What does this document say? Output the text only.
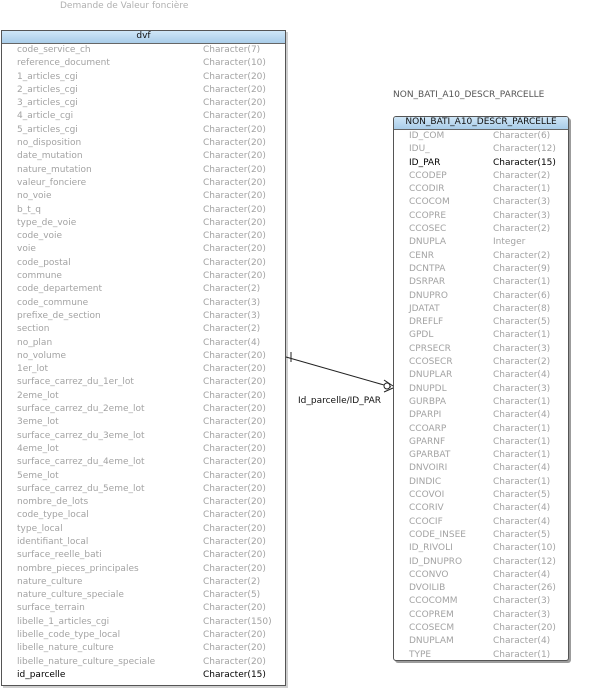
Demande de Valeur foncière
NON_BATI_A10_DESCR_PARCELLE
dvf
code_service_ch	Character(7)
reference_document	Character(10)
1_articles_cgi	Character(20)
2_articles_cgi	Character(20)
3_articles_cgi	Character(20)
4_article_cgi	Character(20)
5_articles_cgi	Character(20)
no_disposition	Character(20)
date_mutation	Character(20)
nature_mutation	Character(20)
valeur_fonciere	Character(20)
no_voie	Character(20)
b_t_q	Character(20)
type_de_voie	Character(20)
code_voie	Character(20)
voie	Character(20)
code_postal	Character(20)
commune	Character(20)
code_departement	Character(2)
code_commune	Character(3)
prefixe_de_section	Character(3)
section	Character(2)
no_plan	Character(4)
no_volume	Character(20)
1er_lot	Character(20)
surface_carrez_du_1er_lot	Character(20)
2eme_lot	Character(20)
surface_carrez_du_2eme_lot	Character(20)
3eme_lot	Character(20)
surface_carrez_du_3eme_lot	Character(20)
4eme_lot	Character(20)
surface_carrez_du_4eme_lot	Character(20)
5eme_lot	Character(20)
surface_carrez_du_5eme_lot	Character(20)
nombre_de_lots	Character(20)
code_type_local	Character(20)
type_local	Character(20)
identifiant_local	Character(20)
surface_reelle_bati	Character(20)
nombre_pieces_principales	Character(20)
nature_culture	Character(2)
nature_culture_speciale	Character(5)
surface_terrain	Character(20)
libelle_1_articles_cgi	Character(150)
libelle_code_type_local	Character(20)
libelle_nature_culture	Character(20)
libelle_nature_culture_speciale	Character(20)
id_parcelle	Character(15)
NON_BATI_A10_DESCR_PARCELLE
ID_COM	Character(6)
IDU_	Character(12)
ID_PAR	Character(15)
CCODEP	Character(2)
CCODIR	Character(1)
CCOCOM	Character(3)
CCOPRE	Character(3)
CCOSEC	Character(2)
DNUPLA	Integer
CENR	Character(2)
DCNTPA	Character(9)
DSRPAR	Character(1)
DNUPRO	Character(6)
JDATAT	Character(8)
DREFLF	Character(5)
GPDL	Character(1)
CPRSECR	Character(3)
CCOSECR	Character(2)
DNUPLAR	Character(4)
DNUPDL	Character(3)
GURBPA	Character(1)
DPARPI	Character(4)
CCOARP	Character(1)
GPARNF	Character(1)
GPARBAT	Character(1)
DNVOIRI	Character(4)
DINDIC	Character(1)
CCOVOI	Character(5)
CCORIV	Character(4)
CCOCIF	Character(4)
CODE_INSEE	Character(5)
ID_RIVOLI	Character(10)
ID_DNUPRO	Character(12)
CCONVO	Character(4)
DVOILIB	Character(26)
CCOCOMM	Character(3)
CCOPREM	Character(3)
CCOSECM	Character(20)
DNUPLAM	Character(4)
TYPE	Character(1)
Id_parcelle/ID_PAR
